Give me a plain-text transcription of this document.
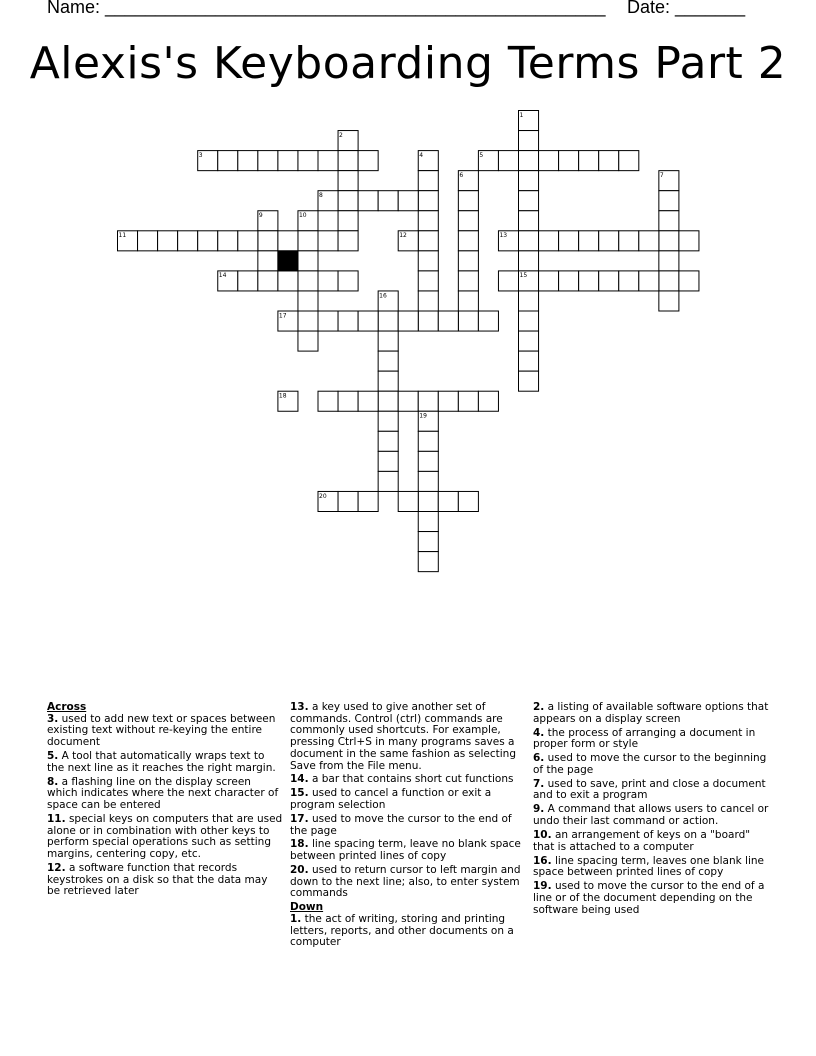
Name: __________________________________________________ Date: _______
Alexis's Keyboarding Terms Part 2
1
2
3	4	5
6	7
8
9	10
11	12	13
14	15
16
17
18
19
20

Across

3. used to add new text or spaces between existing text without re-keying the entire document

5. A tool that automatically wraps text to the next line as it reaches the right margin.

8. a flashing line on the display screen which indicates where the next character of space can be entered

11. special keys on computers that are used alone or in combination with other keys to perform special operations such as setting margins, centering copy, etc.

12. a software function that records keystrokes on a disk so that the data may be retrieved later

13. a key used to give another set of commands. Control (ctrl) commands are commonly used shortcuts. For example, pressing Ctrl+S in many programs saves a document in the same fashion as selecting Save from the File menu.

14. a bar that contains short cut functions

15. used to cancel a function or exit a program selection

17. used to move the cursor to the end of the page

18. line spacing term, leave no blank space between printed lines of copy

20. used to return cursor to left margin and down to the next line; also, to enter system commands

Down

1. the act of writing, storing and printing letters, reports, and other documents on a computer

2. a listing of available software options that appears on a display screen

4. the process of arranging a document in proper form or style

6. used to move the cursor to the beginning of the page

7. used to save, print and close a document and to exit a program

9. A command that allows users to cancel or undo their last command or action.

10. an arrangement of keys on a "board" that is attached to a computer

16. line spacing term, leaves one blank line space between printed lines of copy

19. used to move the cursor to the end of a line or of the document depending on the software being used
